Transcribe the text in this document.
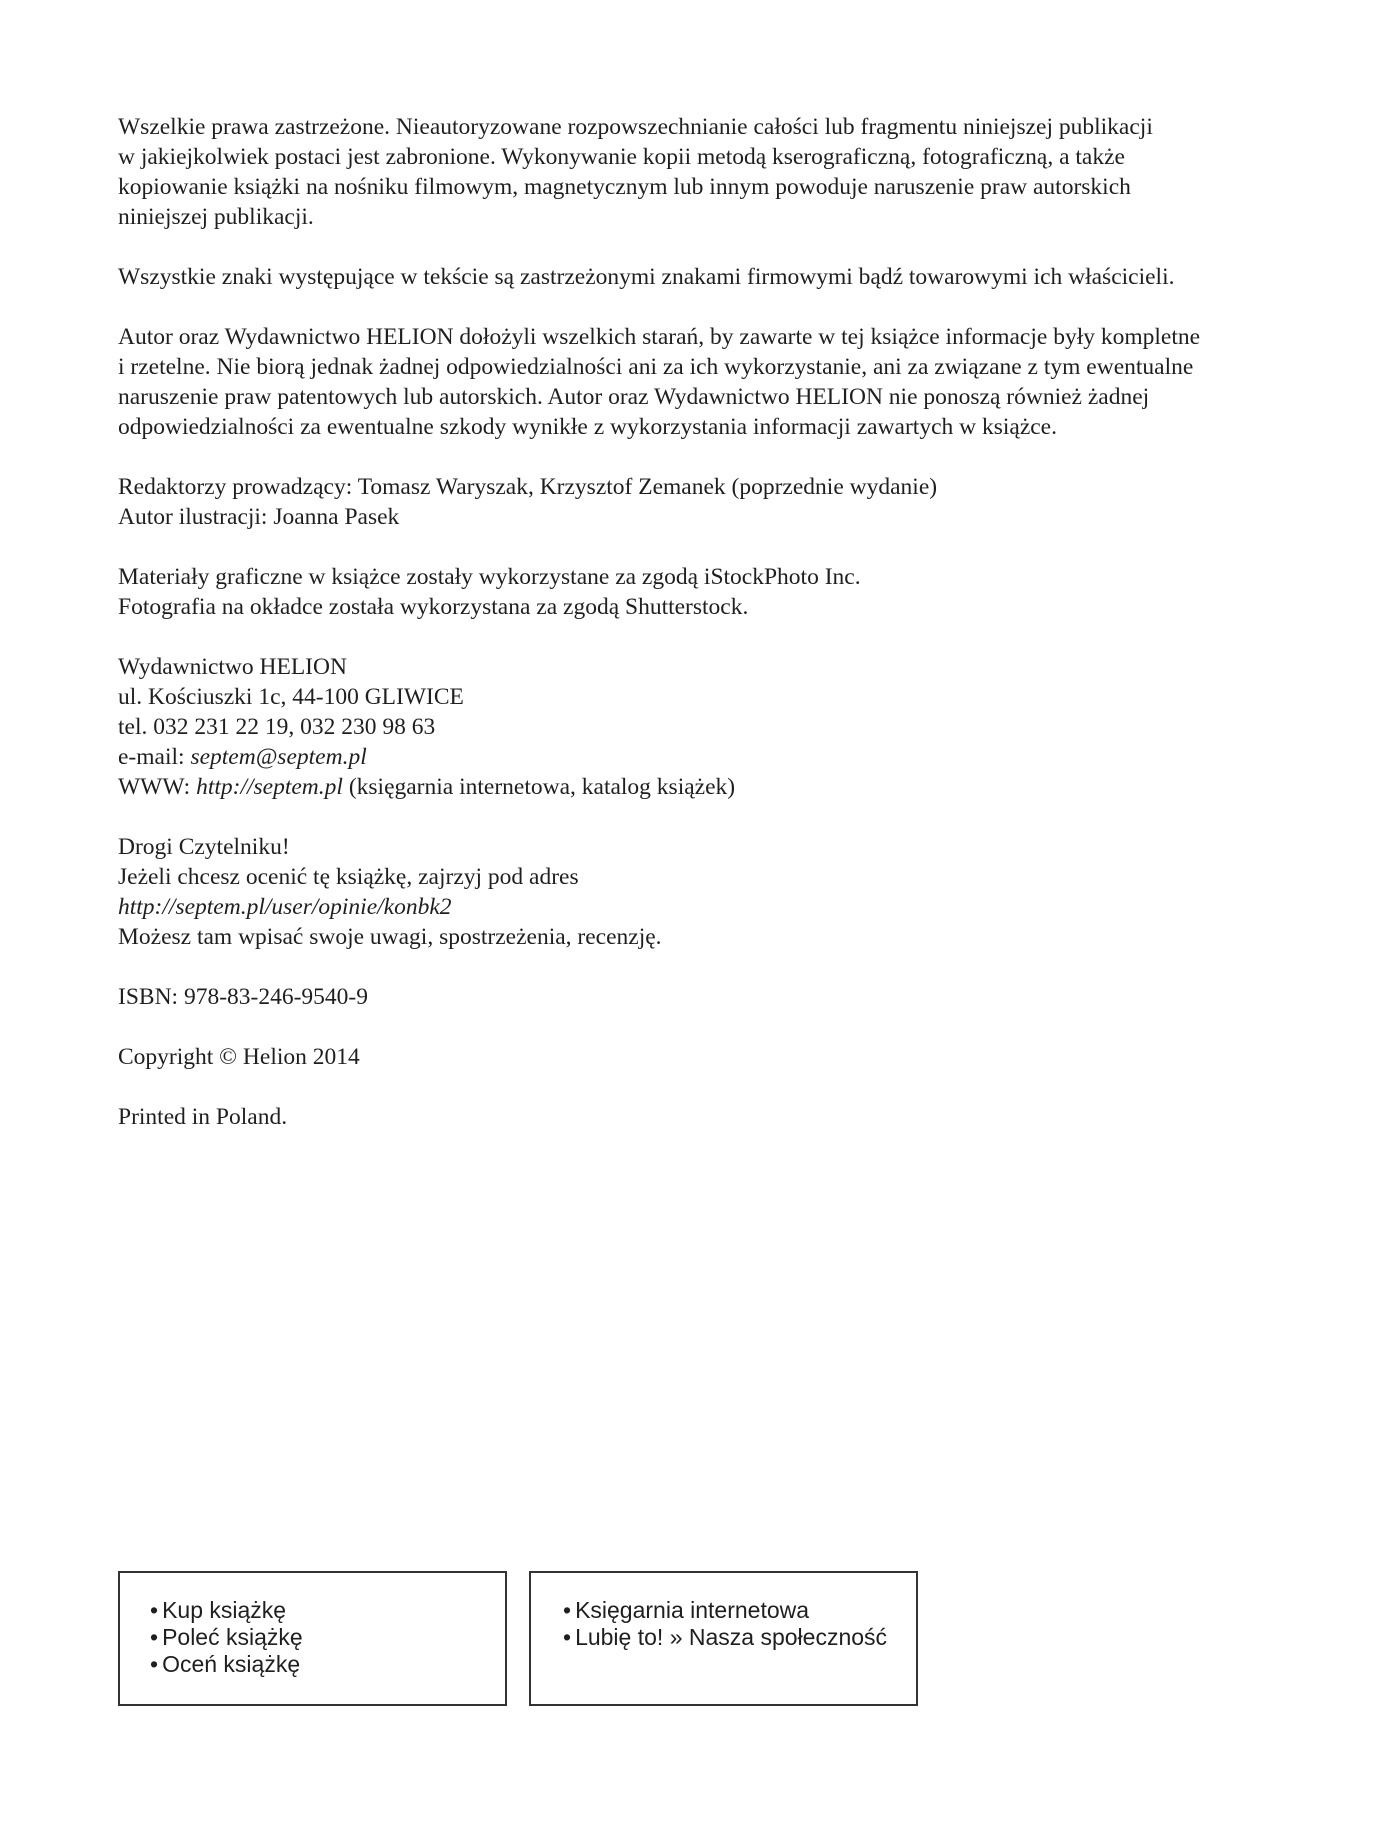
Wszelkie prawa zastrzeżone. Nieautoryzowane rozpowszechnianie całości lub fragmentu niniejszej publikacji
w jakiejkolwiek postaci jest zabronione. Wykonywanie kopii metodą kserograficzną, fotograficzną, a także
kopiowanie książki na nośniku filmowym, magnetycznym lub innym powoduje naruszenie praw autorskich
niniejszej publikacji.

Wszystkie znaki występujące w tekście są zastrzeżonymi znakami firmowymi bądź towarowymi ich właścicieli.

Autor oraz Wydawnictwo HELION dołożyli wszelkich starań, by zawarte w tej książce informacje były kompletne
i rzetelne. Nie biorą jednak żadnej odpowiedzialności ani za ich wykorzystanie, ani za związane z tym ewentualne
naruszenie praw patentowych lub autorskich. Autor oraz Wydawnictwo HELION nie ponoszą również żadnej
odpowiedzialności za ewentualne szkody wynikłe z wykorzystania informacji zawartych w książce.

Redaktorzy prowadzący: Tomasz Waryszak, Krzysztof Zemanek (poprzednie wydanie)
Autor ilustracji: Joanna Pasek

Materiały graficzne w książce zostały wykorzystane za zgodą iStockPhoto Inc.
Fotografia na okładce została wykorzystana za zgodą Shutterstock.

Wydawnictwo HELION
ul. Kościuszki 1c, 44-100 GLIWICE
tel. 032 231 22 19, 032 230 98 63
e-mail: septem@septem.pl
WWW: http://septem.pl (księgarnia internetowa, katalog książek)

Drogi Czytelniku!
Jeżeli chcesz ocenić tę książkę, zajrzyj pod adres
http://septem.pl/user/opinie/konbk2
Możesz tam wpisać swoje uwagi, spostrzeżenia, recenzję.

ISBN: 978-83-246-9540-9

Copyright © Helion 2014

Printed in Poland.

• Kup książkę
• Poleć książkę
• Oceń książkę
• Księgarnia internetowa
• Lubię to! » Nasza społeczność
